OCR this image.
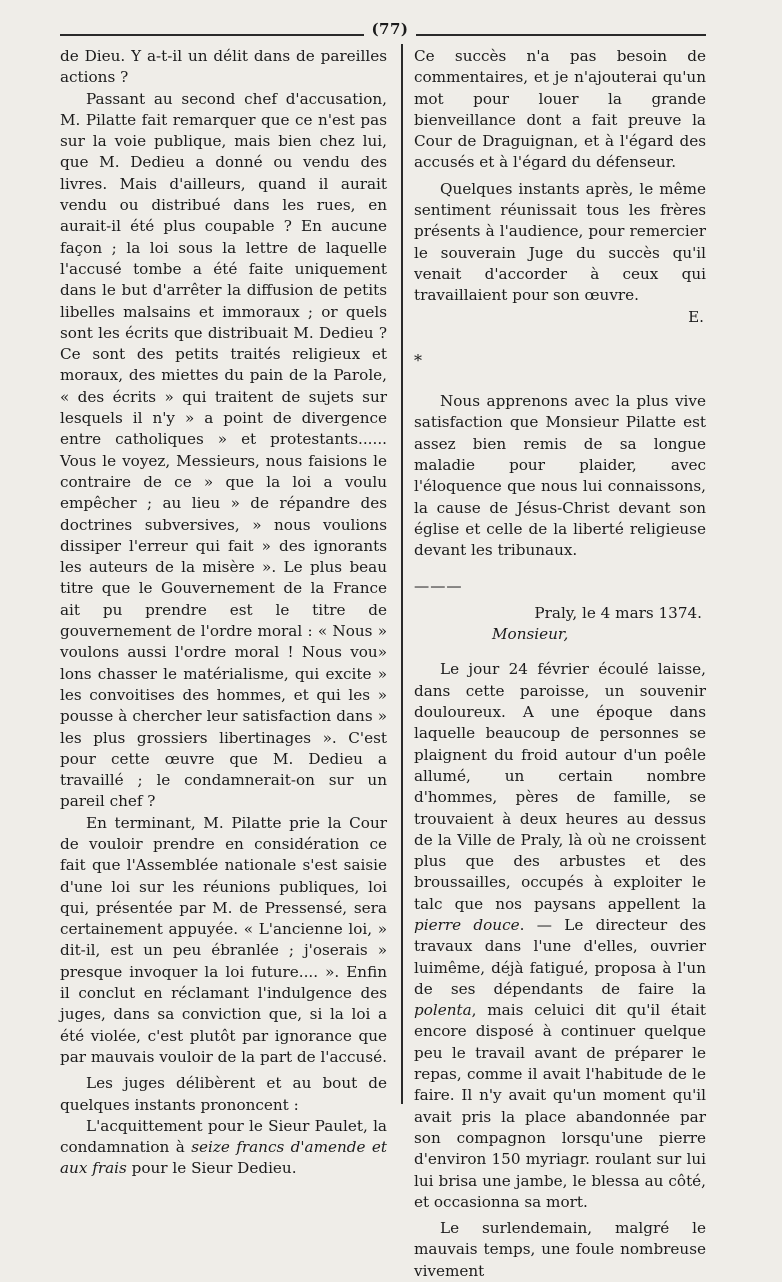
(77)

de Dieu. Y a-t-il un délit dans de pareilles actions ?

Passant au second chef d'accusation, M. Pilatte fait remarquer que ce n'est pas sur la voie publique, mais bien chez lui, que M. Dedieu a donné ou vendu des livres. Mais d'ailleurs, quand il aurait vendu ou distribué dans les rues, en aurait-il été plus coupable ? En aucune façon ; la loi sous la lettre de laquelle l'accusé tombe a été faite uniquement dans le but d'arrêter la diffusion de petits libelles malsains et immoraux ; or quels sont les écrits que distribuait M. Dedieu ? Ce sont des petits traités religieux et moraux, des miettes du pain de la Parole, « des écrits » qui traitent de sujets sur lesquels il n'y » a point de divergence entre catholiques » et protestants...... Vous le voyez, Messieurs, nous faisions le contraire de ce » que la loi a voulu empêcher ; au lieu » de répandre des doctrines subversives, » nous voulions dissiper l'erreur qui fait » des ignorants les auteurs de la misère ». Le plus beau titre que le Gouvernement de la France ait pu prendre est le titre de gouvernement de l'ordre moral : « Nous » voulons aussi l'ordre moral ! Nous vou» lons chasser le matérialisme, qui excite » les convoitises des hommes, et qui les » pousse à chercher leur satisfaction dans » les plus grossiers libertinages ». C'est pour cette œuvre que M. Dedieu a travaillé ; le condamnerait-on sur un pareil chef ?

En terminant, M. Pilatte prie la Cour de vouloir prendre en considération ce fait que l'Assemblée nationale s'est saisie d'une loi sur les réunions publiques, loi qui, présentée par M. de Pressensé, sera certainement appuyée. « L'ancienne loi, » dit-il, est un peu ébranlée ; j'oserais » presque invoquer la loi future.... ». Enfin il conclut en réclamant l'indulgence des juges, dans sa conviction que, si la loi a été violée, c'est plutôt par ignorance que par mauvais vouloir de la part de l'accusé.

Les juges délibèrent et au bout de quelques instants prononcent :

L'acquittement pour le Sieur Paulet, la condamnation à seize francs d'amende et aux frais pour le Sieur Dedieu.

Ce succès n'a pas besoin de commentaires, et je n'ajouterai qu'un mot pour louer la grande bienveillance dont a fait preuve la Cour de Draguignan, et à l'égard des accusés et à l'égard du défenseur.

Quelques instants après, le même sentiment réunissait tous les frères présents à l'audience, pour remercier le souverain Juge du succès qu'il venait d'accorder à ceux qui travaillaient pour son œuvre.

E.

*

Nous apprenons avec la plus vive satisfaction que Monsieur Pilatte est assez bien remis de sa longue maladie pour plaider, avec l'éloquence que nous lui connaissons, la cause de Jésus-Christ devant son église et celle de la liberté religieuse devant les tribunaux.

———

Praly, le 4 mars 1374.

Monsieur,

Le jour 24 février écoulé laisse, dans cette paroisse, un souvenir douloureux. A une époque dans laquelle beaucoup de personnes se plaignent du froid autour d'un poêle allumé, un certain nombre d'hommes, pères de famille, se trouvaient à deux heures au dessus de la Ville de Praly, là où ne croissent plus que des arbustes et des broussailles, occupés à exploiter le talc que nos paysans appellent la pierre douce. — Le directeur des travaux dans l'une d'elles, ouvrier luimême, déjà fatigué, proposa à l'un de ses dépendants de faire la polenta, mais celuici dit qu'il était encore disposé à continuer quelque peu le travail avant de préparer le repas, comme il avait l'habitude de le faire. Il n'y avait qu'un moment qu'il avait pris la place abandonnée par son compagnon lorsqu'une pierre d'environ 150 myriagr. roulant sur lui lui brisa une jambe, le blessa au côté, et occasionna sa mort.

Le surlendemain, malgré le mauvais temps, une foule nombreuse vivement
